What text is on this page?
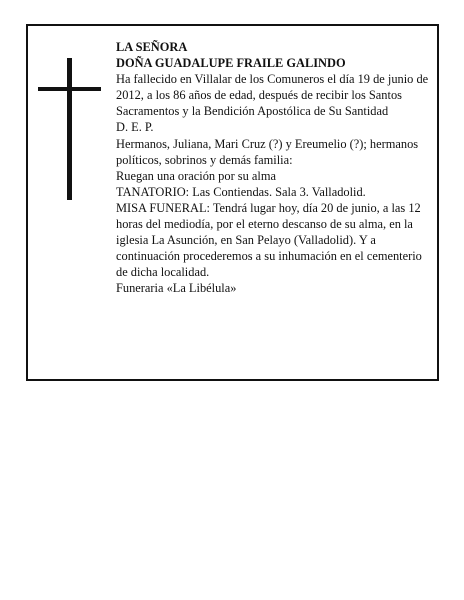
LA SEÑORA

DOÑA GUADALUPE FRAILE GALINDO

Ha fallecido en Villalar de los Comuneros el día 19 de junio de 2012, a los 86 años de edad, después de recibir los Santos Sacramentos y la Bendición Apostólica de Su Santidad

D. E. P.

Hermanos, Juliana, Mari Cruz (?) y Ereumelio (?); hermanos políticos, sobrinos y demás familia:

Ruegan una oración por su alma

TANATORIO: Las Contiendas. Sala 3. Valladolid.

MISA FUNERAL: Tendrá lugar hoy, día 20 de junio, a las 12 horas del mediodía, por el eterno descanso de su alma, en la iglesia La Asunción, en San Pelayo (Valladolid). Y a continuación procederemos a su inhumación en el cementerio de dicha localidad.

Funeraria «La Libélula»
